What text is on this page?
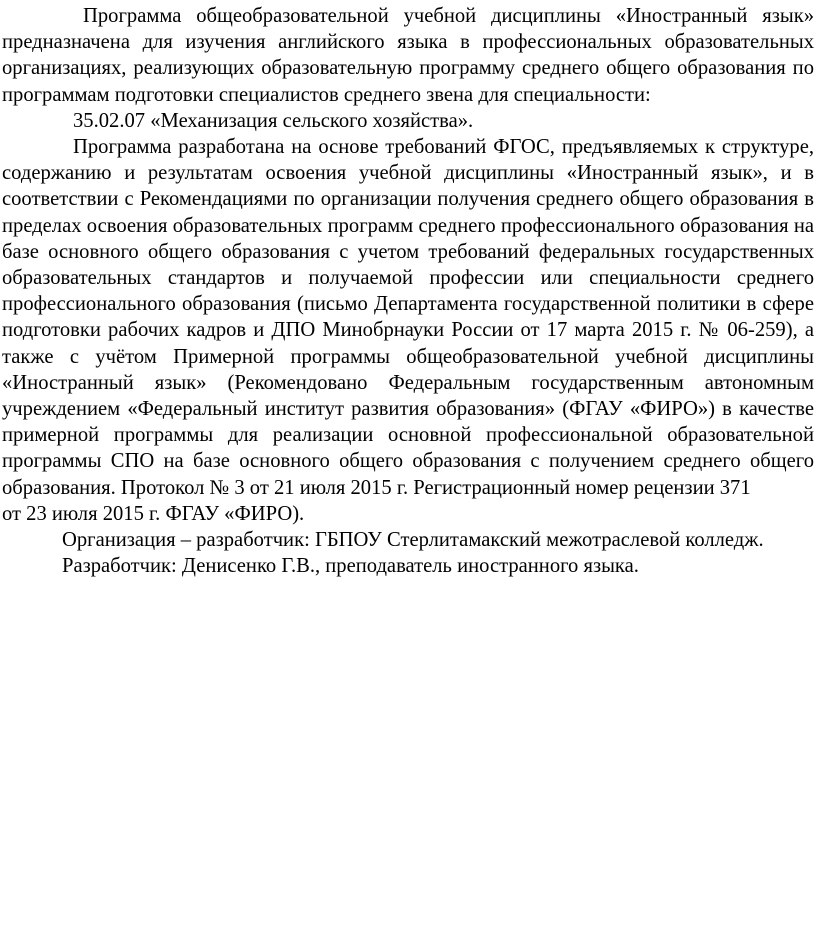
Программа общеобразовательной учебной дисциплины «Иностранный язык» предназначена для изучения английского языка в профессиональных образовательных организациях, реализующих образовательную программу среднего общего образования по программам подготовки специалистов среднего звена для специальности:

35.02.07 «Механизация сельского хозяйства».

Программа разработана на основе требований ФГОС, предъявляемых к структуре, содержанию и результатам освоения учебной дисциплины «Иностранный язык», и в соответствии с Рекомендациями по организации получения среднего общего образования в пределах освоения образовательных программ среднего профессионального образования на базе основного общего образования с учетом требований федеральных государственных образовательных стандартов и получаемой профессии или специальности среднего профессионального образования (письмо Департамента государственной политики в сфере подготовки рабочих кадров и ДПО Минобрнауки России от 17 марта 2015 г. № 06-259), а также с учётом Примерной программы общеобразовательной учебной дисциплины «Иностранный язык» (Рекомендовано Федеральным государственным автономным учреждением «Федеральный институт развития образования» (ФГАУ «ФИРО») в качестве примерной программы для реализации основной профессиональной образовательной программы СПО на базе основного общего образования с получением среднего общего образования. Протокол № 3 от 21 июля 2015 г. Регистрационный номер рецензии 371

от 23 июля 2015 г. ФГАУ «ФИРО).

Организация – разработчик: ГБПОУ Стерлитамакский межотраслевой колледж.

Разработчик: Денисенко Г.В., преподаватель иностранного языка.
